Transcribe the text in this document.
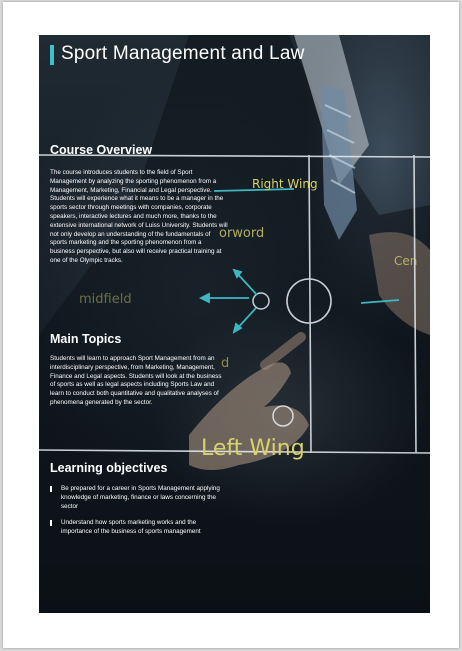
Right Wing
orword
midfield
d
Left Wing
Cen
Sport Management and Law
Course Overview

The course introduces students to the field of Sport Management by analyzing the sporting phenomenon from a Management, Marketing, Financial and Legal perspective.

Students will experience what it means to be a manager in the sports sector through meetings with companies, corporate speakers, interactive lectures and much more, thanks to the extensive international network of Luiss University. Students will not only develop an understanding of the fundamentals of sports marketing and the sporting phenomenon from a business perspective, but also will receive practical training at one of the Olympic tracks.

Main Topics
Students will learn to approach Sport Management from an interdisciplinary perspective, from Marketing, Management, Finance and Legal aspects. Students will look at the business of sports as well as legal aspects including Sports Law and learn to conduct both quantitative and qualitative analyses of phenomena generated by the sector.
Learning objectives
Be prepared for a career in Sports Management applying knowledge of marketing, finance or laws concerning the sector
Understand how sports marketing works and the importance of the business of sports management
